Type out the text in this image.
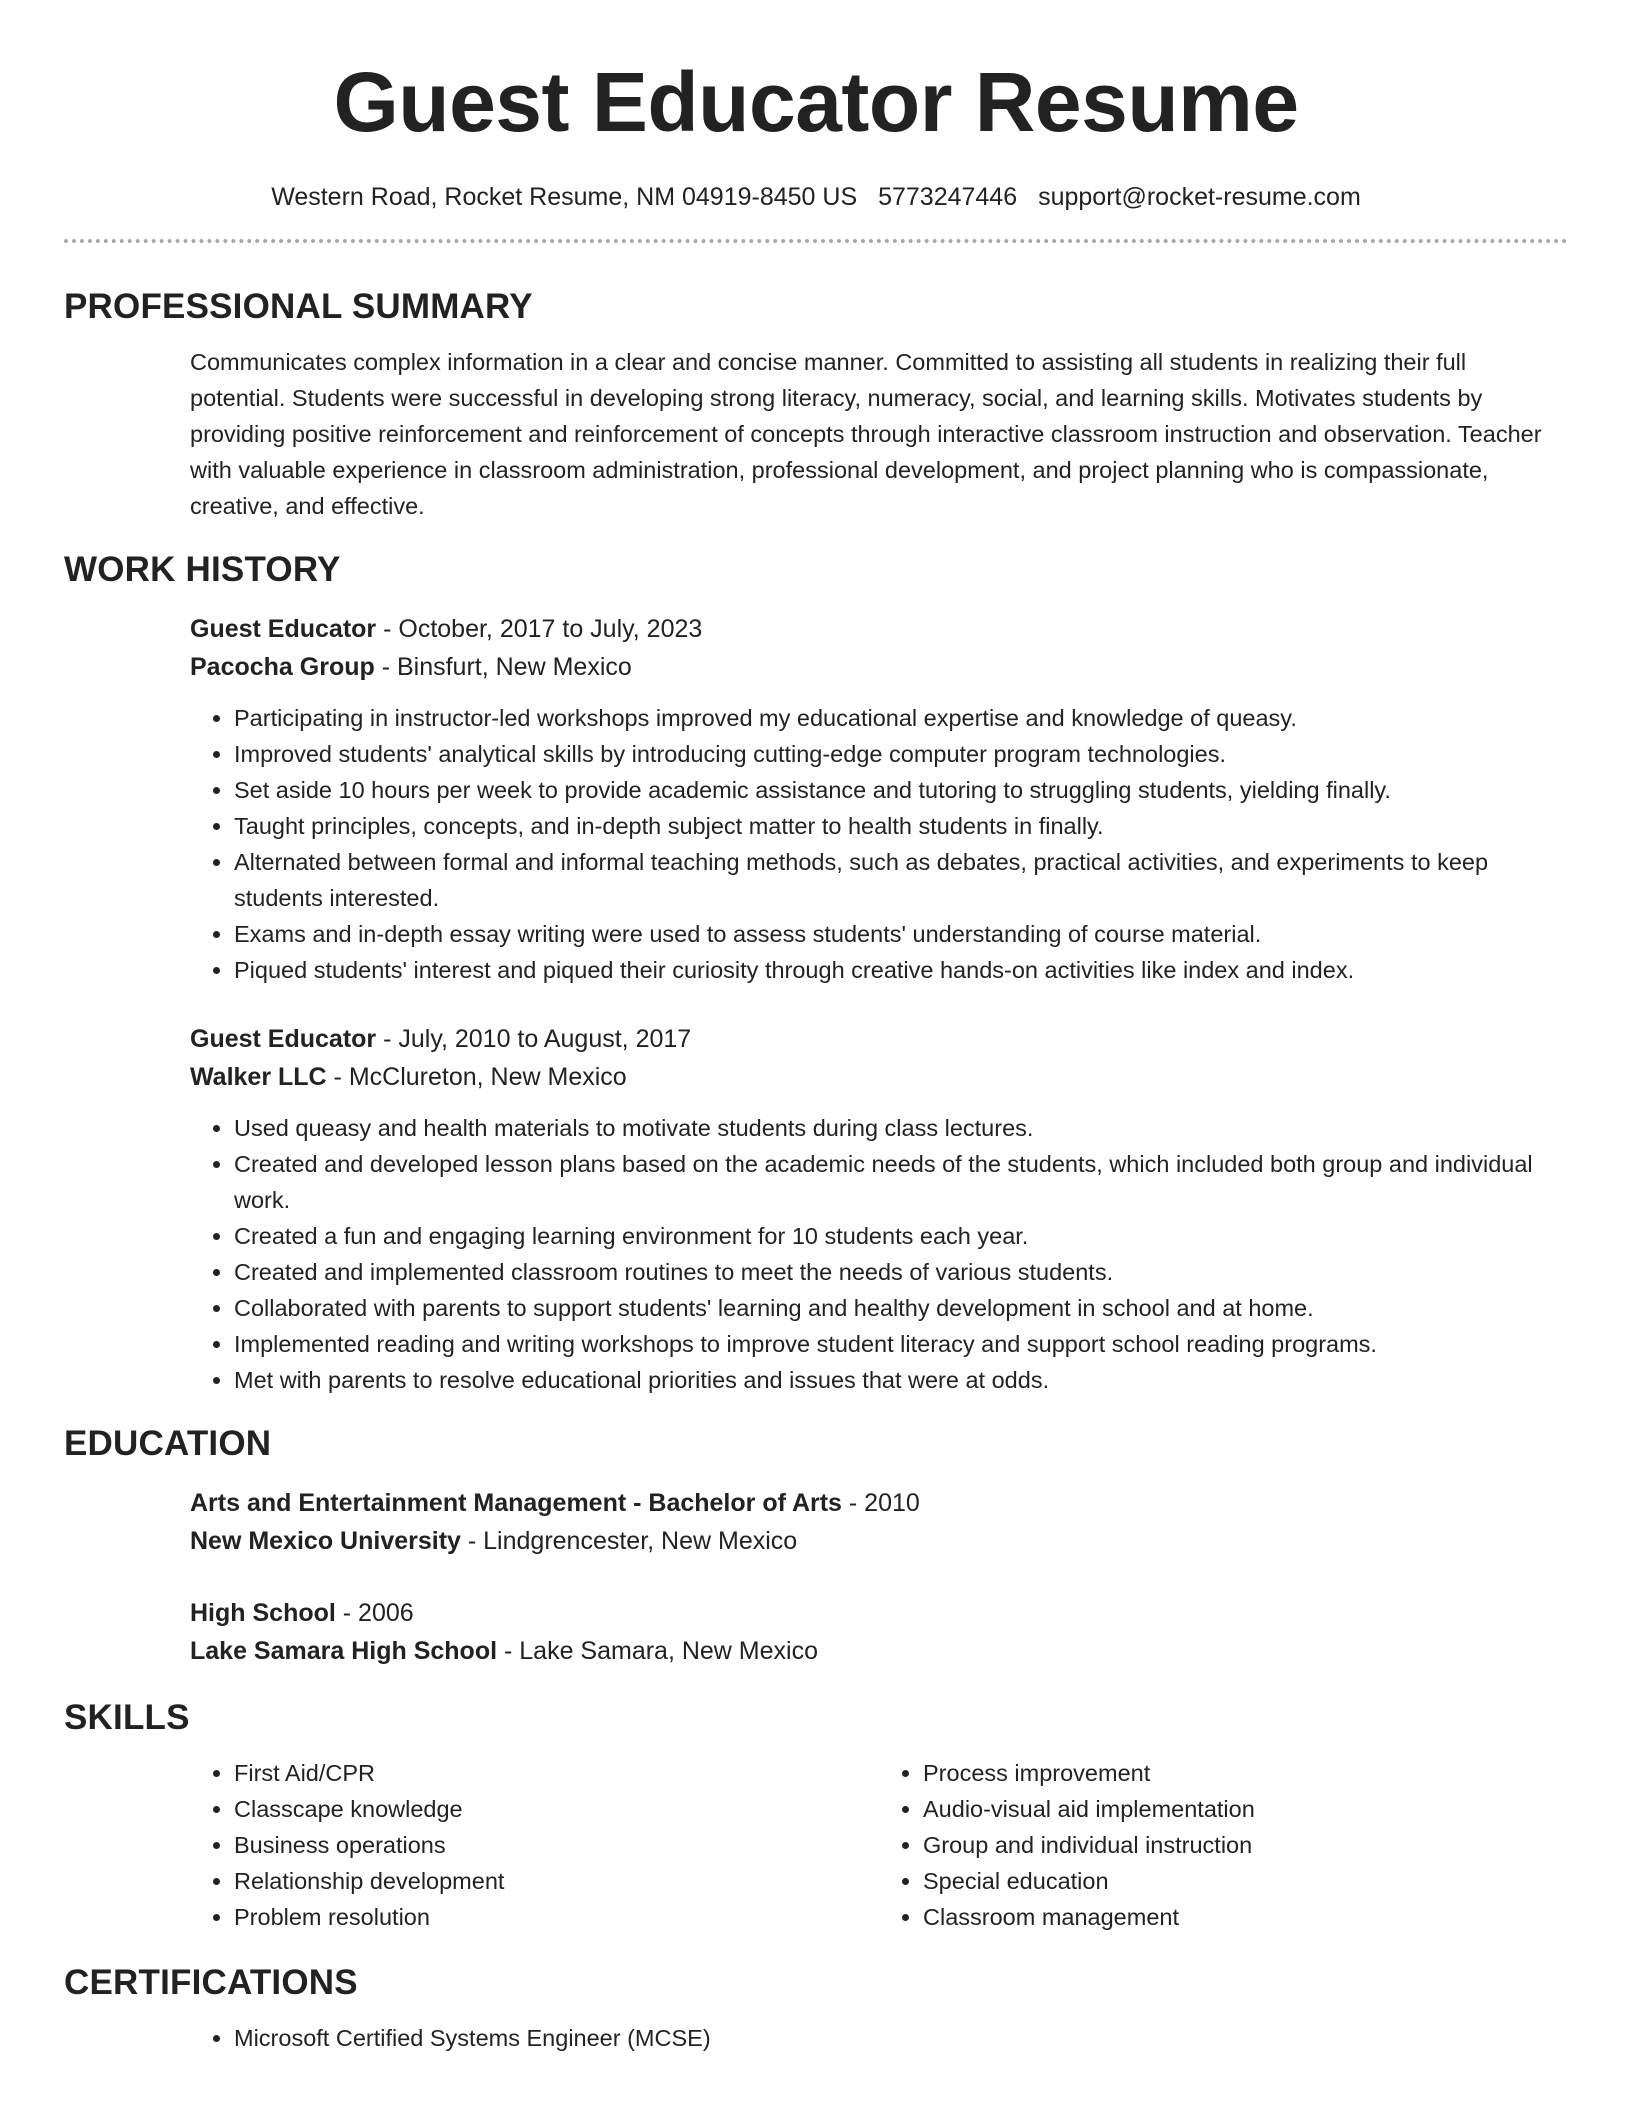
Guest Educator Resume
Western Road, Rocket Resume, NM 04919-8450 US 5773247446 support@rocket-resume.com
PROFESSIONAL SUMMARY

Communicates complex information in a clear and concise manner. Committed to assisting all students in realizing their full potential. Students were successful in developing strong literacy, numeracy, social, and learning skills. Motivates students by providing positive reinforcement and reinforcement of concepts through interactive classroom instruction and observation. Teacher with valuable experience in classroom administration, professional development, and project planning who is compassionate, creative, and effective.

WORK HISTORY
Guest Educator - October, 2017 to July, 2023
Pacocha Group - Binsfurt, New Mexico
• Participating in instructor-led workshops improved my educational expertise and knowledge of queasy.
• Improved students' analytical skills by introducing cutting-edge computer program technologies.
• Set aside 10 hours per week to provide academic assistance and tutoring to struggling students, yielding finally.
• Taught principles, concepts, and in-depth subject matter to health students in finally.
• Alternated between formal and informal teaching methods, such as debates, practical activities, and experiments to keep students interested.
• Exams and in-depth essay writing were used to assess students' understanding of course material.
• Piqued students' interest and piqued their curiosity through creative hands-on activities like index and index.
Guest Educator - July, 2010 to August, 2017
Walker LLC - McClureton, New Mexico
• Used queasy and health materials to motivate students during class lectures.
• Created and developed lesson plans based on the academic needs of the students, which included both group and individual work.
• Created a fun and engaging learning environment for 10 students each year.
• Created and implemented classroom routines to meet the needs of various students.
• Collaborated with parents to support students' learning and healthy development in school and at home.
• Implemented reading and writing workshops to improve student literacy and support school reading programs.
• Met with parents to resolve educational priorities and issues that were at odds.
EDUCATION
Arts and Entertainment Management - Bachelor of Arts - 2010
New Mexico University - Lindgrencester, New Mexico
High School - 2006
Lake Samara High School - Lake Samara, New Mexico
SKILLS
• First Aid/CPR
• Classcape knowledge
• Business operations
• Relationship development
• Problem resolution
• Process improvement
• Audio-visual aid implementation
• Group and individual instruction
• Special education
• Classroom management
CERTIFICATIONS
• Microsoft Certified Systems Engineer (MCSE)
